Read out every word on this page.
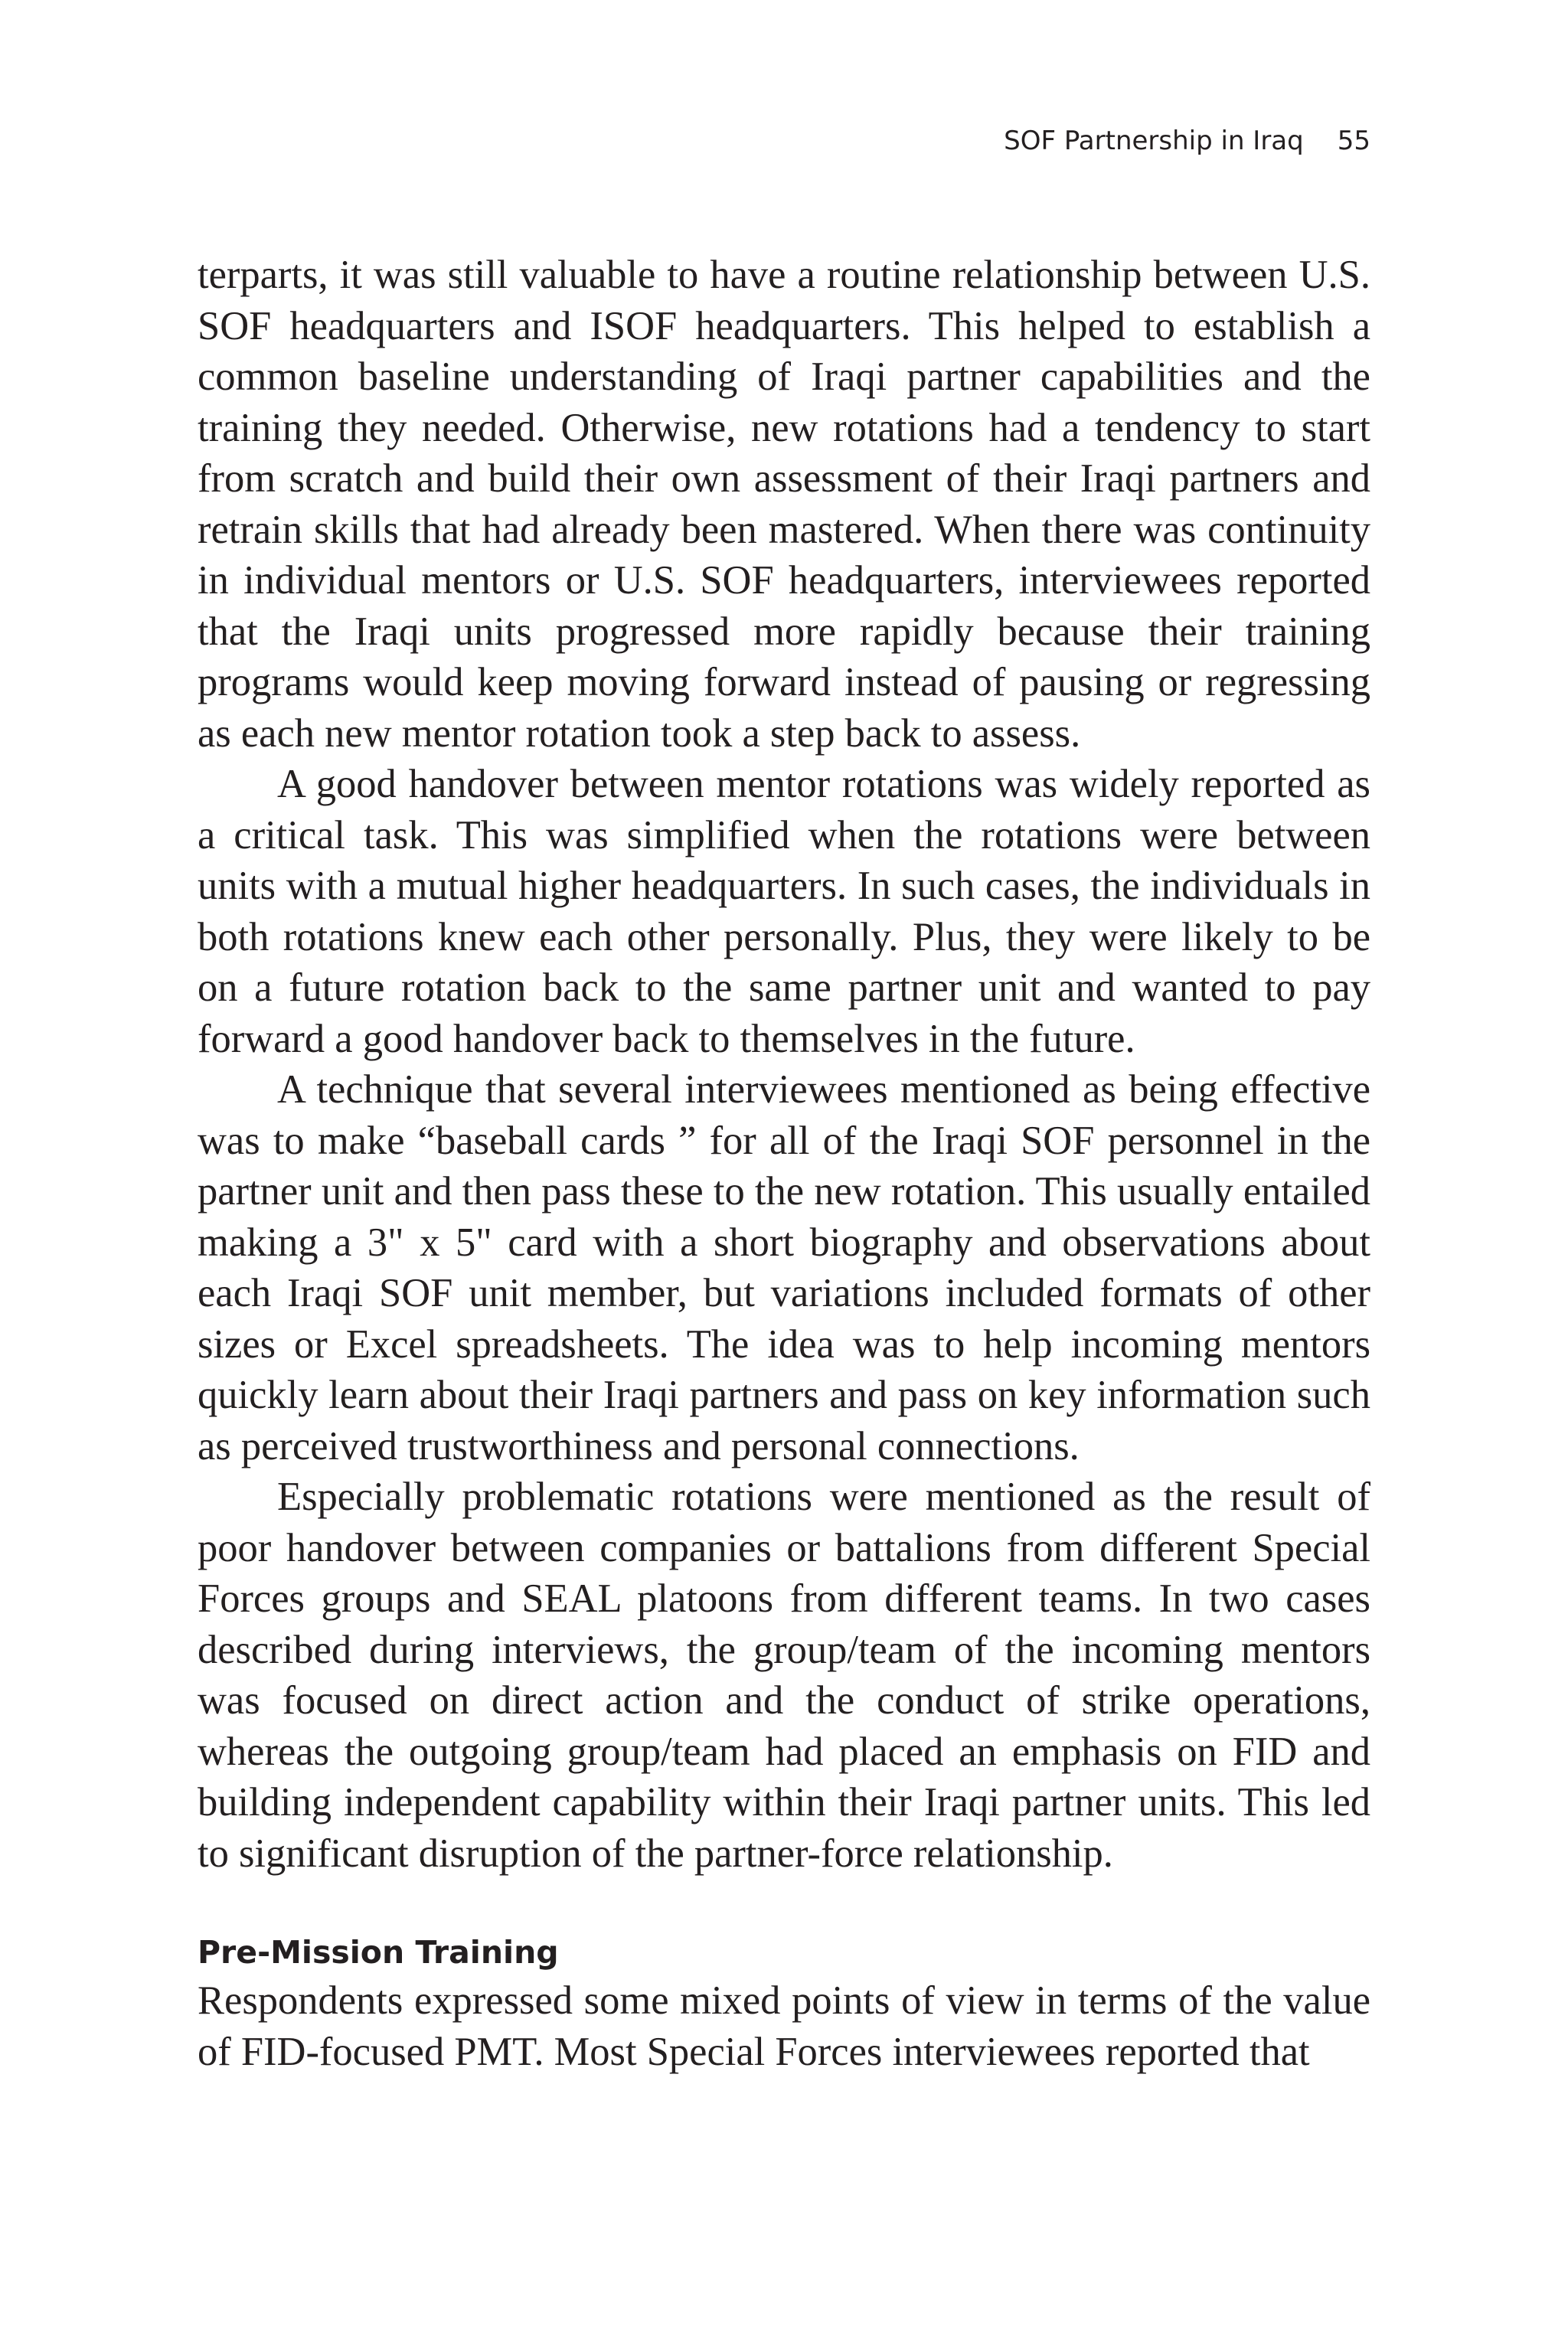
SOF Partnership in Iraq 55

terparts, it was still valuable to have a routine relationship between U.S. SOF headquarters and ISOF headquarters. This helped to establish a common baseline understanding of Iraqi partner capabilities and the training they needed. Otherwise, new rotations had a tendency to start from scratch and build their own assessment of their Iraqi partners and retrain skills that had already been mastered. When there was continuity in individual mentors or U.S. SOF headquarters, interviewees reported that the Iraqi units progressed more rapidly because their training programs would keep moving forward instead of pausing or regressing as each new mentor rotation took a step back to assess.

A good handover between mentor rotations was widely reported as a critical task. This was simplified when the rotations were between units with a mutual higher headquarters. In such cases, the individuals in both rotations knew each other personally. Plus, they were likely to be on a future rotation back to the same partner unit and wanted to pay forward a good handover back to themselves in the future.

A technique that several interviewees mentioned as being effective was to make “baseball cards ” for all of the Iraqi SOF personnel in the partner unit and then pass these to the new rotation. This usually entailed making a 3" x 5" card with a short biography and observations about each Iraqi SOF unit member, but variations included formats of other sizes or Excel spreadsheets. The idea was to help incoming mentors quickly learn about their Iraqi partners and pass on key information such as perceived trustworthiness and personal connections.

Especially problematic rotations were mentioned as the result of poor handover between companies or battalions from different Special Forces groups and SEAL platoons from different teams. In two cases described during interviews, the group/team of the incoming mentors was focused on direct action and the conduct of strike operations, whereas the outgoing group/team had placed an emphasis on FID and building independent capability within their Iraqi partner units. This led to significant disruption of the partner-force relationship.

Pre-Mission Training

Respondents expressed some mixed points of view in terms of the value of FID-focused PMT. Most Special Forces interviewees reported that
